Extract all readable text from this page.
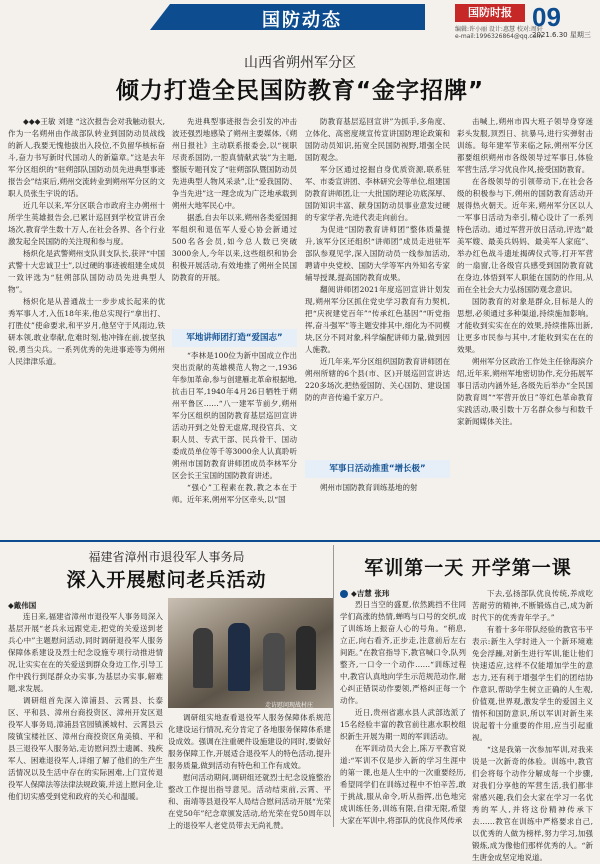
国防动态	国防时报 09
2021.6.30 星期三
编辑:许小丽 设计:惠慧 校对:周轩
e-mail:1996326864@qq.com
山西省朔州军分区
倾力打造全民国防教育“金字招牌”

◆◆◆王敏 刘建 “这次报告会对我触动很大,作为一名朔州由作战部队转业到国防动员战线的新人,我要无愧他拔出入段位,不负留华核标奋斗,奋力书写新时代国动人的新篇章。”这是去年军分区组织的“驻朔部队国防动员先进典型事迹报告会”结束后,朔州交流转业到朔州军分区的文职人员张生宇说的话。

近几年以来,军分区联合市政府主办朔州十所学生英雄报告会,已累计巡回到学校宣讲百余场次,教育学生数十万人,在社会各界、各个行业激发起全民国防的关注现和参与度。

杨炽化是武警朔州支队训支队长,获评“中国武警十大忠诚卫士”,以过硬的事迹被组建全成员一致评选为“驻朔部队国防动员先进典型人物”。

杨炽化是从普通战士一步步成长起来的优秀军事人才,入伍18年来,他总实现行“拿出打、打胜仗”使命要求,和平岁月,他坚守于风雨边,铁研本领,敢业奉献,危难时刻,他冲锋在前,披坚执锐,勇当尖兵。一系列优秀的先进事迹等为朔州人民津津乐道。

先进典型事迹报告会引发的冲击波还强烈地感染了朔州主要媒体,《朔州日报社》主动联系报委会,以“视职尽责系国防,一腔真情献武装”为主题,整版专题刊发了“驻朔部队暨国防动员先进典型人物风采录”,让“爱我国防、争当先进”这一理念成为广泛地承载到朔州大地军民心中。

据悉,自去年以来,朔州各类爱国拥军组织和退伍军人爱心协会新通过500名各会员,如今总人数已突破3000余人,今年以来,这些组织和协会积极开展活动,有效地推了朔州全民国防教育的开展。

军地讲师团打造“爱国志”

“李林是100位为新中国成立作出突出贡献的英雄模范人物之一,1936年参加革命,参与创建雁北革命根据地,抗击日军,1940年4月26日牺牲于朔州平鲁区……“八一建军节前夕,朔州军分区组织的国防教育基层巡回宣讲活动开到之处曾无虚席,现役官兵、文职人员、专武干部、民兵骨干、国动委成员单位等千等3000余人认真聆听朔州市国防教育讲师团成员李林军分区会长王宝国的国防教育讲述。

“强心”工程素在教,教之本在于师。近年来,朔州军分区牵头,以“国

防教育基层巡回宣讲”为抓手,多角度、立体化、高密度规宣传宣讲国防理论政策和国防动员知识,拓宽全民国防视野,增强全民国防观念。

军分区通过挖掘自身优质资源,联系驻军、市委宣讲团、李林研究会等单位,组建国防教育讲师团,让一大批国防理论功底深厚、国防知识丰富、献身国防动员事业意发过硬的专家学者,先进代表走向前台。

为促进“国防教育讲师团”整体质量提升,该军分区还组织“讲师团”成员走进驻军部队参观见学,深入国防动员一线参加活动,聘请中央党校、国防大学等军内外知名专家辅导授课,提高国防教育成果。

翻阅讲师团2021年度巡回宣讲计划发现,朔州军分区抓住党史学习教育有力契机,把“庆祝建党百年”“传承红色基因”“听党指挥,奋斗强军”等主题安排其中,细化为不同模块,区分不同对象,科学编配讲师力量,做到因人施教。

近几年来,军分区组织国防教育讲师团在朔州所辖的6个县(市、区)开展巡回宣讲达220多场次,把热爱国防、关心国防、建设国防的声音传遍千家万户。

军事日活动推重“增长极”

朔州市国防教育训练基地的射

击喊上,朔州市四大班子领导身穿迷彩头发服,顶烈日、抗暴马,进行实弹射击训练。每年建军节来临之际,朔州军分区都要组织朔州市各级领导过军事日,体验军营生活,学习优良作风,接受国防教育。

在各级领导的引领带动下,在社会各级的积极参与下,朔州的国防教育活动开展得热火朝天。近年来,朔州军分区以人一军事日活动为牵引,精心设计了一系列特色活动。通过军营开放日活动,评选“最美军嫂、最美兵妈妈、最美军人家庭”、举办红色战斗遗址揭碑仪式等,打开军营的一扇窗,让各级官兵感受到国防教育就在身边,体悟到军人职能在国防的作用,从而在全社会大力弘扬国防观念意识。

国防教育的对象是群众,目标是人的思想,必须通过多种渠道,持续施加影响。才能收到实实在在的效果,持续推陈出新,让更多市民参与其中,才能收到实在在的效果。

朔州军分区政治工作处主任徐海滨介绍,近年来,朔州军地密切协作,充分拓展军事日活动内涵外延,各级先后举办“全民国防教育周”“军营开放日”等红色革命教育实践活动,吸引数十万名群众参与和数千家新闻媒体关注。

福建省漳州市退役军人事务局
深入开展慰问老兵活动
◆戴伟国

连日来,福建省漳州市退役军人事务局深入基层开展“老兵永远跟党走,把党的关爱送到老兵心中”主题慰问活动,同时调研退役军人服务保障体系建设及烈士纪念设施专项行动推进情况,让实实在在的关爱送到群众身边工作,引导工作中践行到尾群众办实事,为基层办实事,解难题,求发展。

调研组首先深入漳浦县、云霄县、长泰区、平和县、漳州台商投资区、漳州开发区退役军人事务局,漳浦县官园镇溪城村、云霄县云陵镇宝楼社区、漳州台商投资区角美镇、平和县三退役军人服务站,走访慰问烈士遗属、残疾军人、困难退役军人,详细了解了他们的生产生活情况以及生活中存在的实际困难,上门宣传退役军人保障法等法律法规政策,并送上慰问金,让他们切实感受到党和政府的关心和温暖。

走访慰问现战村庄

调研组实地查看退役军人服务保障体系规范化建设运行情况,充分肯定了各地服务保障体系建设成效。强调在注重硬件设施建设的同时,要做好服务保障工作,开展适合退役军人的特色活动,提升服务质量,做到活动有特色和工作有成效。

慰问活动期间,调研组还就烈士纪念设施整治整改工作提出指导意见。活动结束前,云霄、平和、南靖等县退役军人局结合慰问活动开展“光荣在党50年”纪念章颁发活动,给光荣在党50周年以上的退役军人老党员带去无尚礼赞。

军训第一天 开学第一课
◆吉慧 张玮

烈日当空的盛夏,依然跳挡不住同学们高涨的热情,蝉鸣与口号的交织,成了训练场上振奋人心的号角。“稍息,立正,向右看齐,正步走,注意前后左右间距。”在教官指导下,教官喊口令,队列整齐,一口令一个动作……“训练过程中,教官认真地向学生示范规范动作,耐心纠正错误动作要领,严格纠正每一个动作。

近日,贵州省惠水县人武部选派了15名经验丰富的教官前往惠水职校组织新生开展为期一周的军训活动。

在军训动员大会上,陈万平教官说道:“军训不仅是步入新的学习生涯中的第一课,也是人生中的一次重要经历,希望同学们在训练过程中不怕辛苦,敢于挑战,服从命令,听从指挥,出色地完成训练任务,训练有限,自律无限,希望大家在军训中,将部队的优良作风传承

下去,弘扬部队优良传统,养成吃苦耐劳的精神,不断锻炼自己,成为新时代下的优秀青年学子。”

有着十多年带队经验的教官韦平表示:新生入学时进入一个新环境难免会浮躁,对新生进行军训,能让他们快速适应,这样不仅能增加学生的意志力,还有利于增强学生们的团结协作意识,帮助学生树立正确的人生观,价值观,世界观,激发学生的爱国主义情怀和国防意识,所以军训对新生来说起着十分重要的作用,应当引起重视。

“这是我第一次参加军训,对我来说是一次新奇的体验。训练中,教官们会将每个动作分解成每一个步骤,对我们分享他的军营生活,我们都非常感兴趣,我们会大家在学习一名优秀的军人,并将这份精神传承下去……教官在训练中严格要求自己,以优秀的人做为榜样,努力学习,加强锻炼,成为像他们那样优秀的人。“新生唐金成坚定地说道。
